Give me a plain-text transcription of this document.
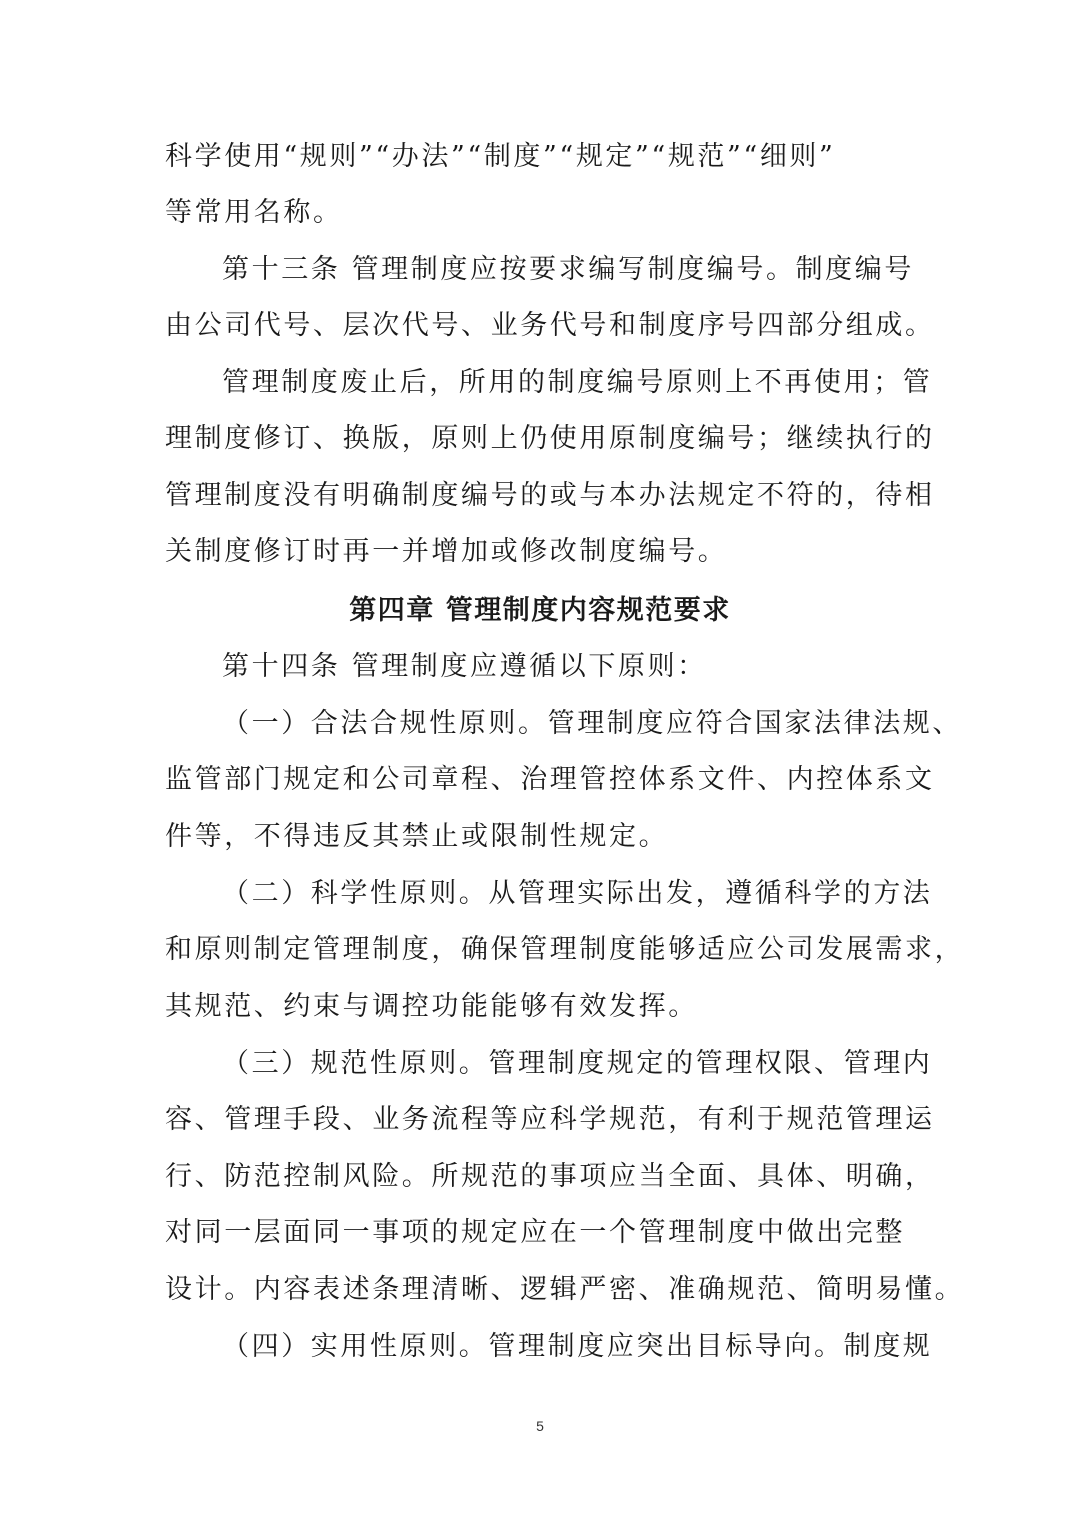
科学使用“规则”“办法”“制度”“规定”“规范”“细则”
等常用名称。
第十三条 管理制度应按要求编写制度编号。制度编号
由公司代号、层次代号、业务代号和制度序号四部分组成。
管理制度废止后，所用的制度编号原则上不再使用；管
理制度修订、换版，原则上仍使用原制度编号；继续执行的
管理制度没有明确制度编号的或与本办法规定不符的，待相
关制度修订时再一并增加或修改制度编号。
第四章 管理制度内容规范要求
第十四条 管理制度应遵循以下原则：
（一）合法合规性原则。管理制度应符合国家法律法规、
监管部门规定和公司章程、治理管控体系文件、内控体系文
件等，不得违反其禁止或限制性规定。
（二）科学性原则。从管理实际出发，遵循科学的方法
和原则制定管理制度，确保管理制度能够适应公司发展需求，
其规范、约束与调控功能能够有效发挥。
（三）规范性原则。管理制度规定的管理权限、管理内
容、管理手段、业务流程等应科学规范，有利于规范管理运
行、防范控制风险。所规范的事项应当全面、具体、明确，
对同一层面同一事项的规定应在一个管理制度中做出完整
设计。内容表述条理清晰、逻辑严密、准确规范、简明易懂。
（四）实用性原则。管理制度应突出目标导向。制度规
5
